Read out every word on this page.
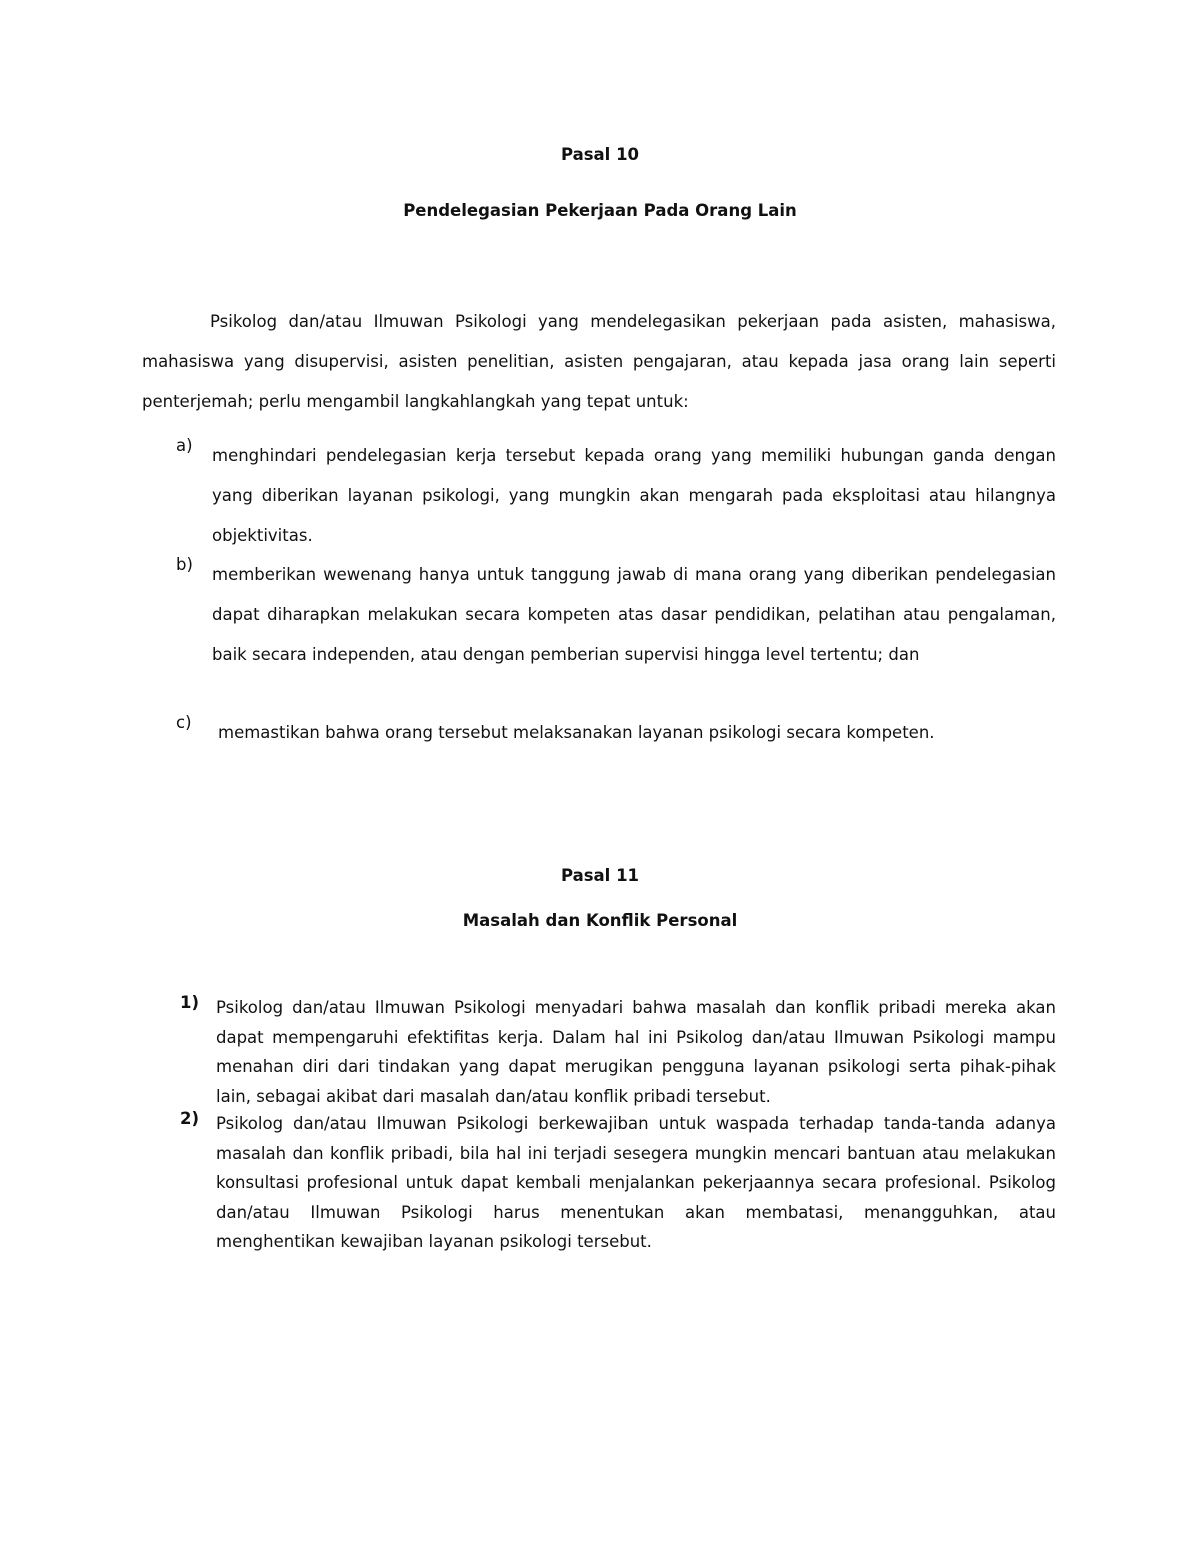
Pasal 10
Pendelegasian Pekerjaan Pada Orang Lain

Psikolog dan/atau Ilmuwan Psikologi yang mendelegasikan pekerjaan pada asisten, mahasiswa, mahasiswa yang disupervisi, asisten penelitian, asisten pengajaran, atau kepada jasa orang lain seperti penterjemah; perlu mengambil langkahlangkah yang tepat untuk:

a)
menghindari pendelegasian kerja tersebut kepada orang yang memiliki hubungan ganda dengan yang diberikan layanan psikologi, yang mungkin akan mengarah pada eksploitasi atau hilangnya objektivitas.
b)
memberikan wewenang hanya untuk tanggung jawab di mana orang yang diberikan pendelegasian dapat diharapkan melakukan secara kompeten atas dasar pendidikan, pelatihan atau pengalaman, baik secara independen, atau dengan pemberian supervisi hingga level tertentu; dan
c)
memastikan bahwa orang tersebut melaksanakan layanan psikologi secara kompeten.
Pasal 11
Masalah dan Konflik Personal
1) Psikolog dan/atau Ilmuwan Psikologi menyadari bahwa masalah dan konflik pribadi mereka akan dapat mempengaruhi efektifitas kerja. Dalam hal ini Psikolog dan/atau Ilmuwan Psikologi mampu menahan diri dari tindakan yang dapat merugikan pengguna layanan psikologi serta pihak-pihak lain, sebagai akibat dari masalah dan/atau konflik pribadi tersebut.
2) Psikolog dan/atau Ilmuwan Psikologi berkewajiban untuk waspada terhadap tanda-tanda adanya masalah dan konflik pribadi, bila hal ini terjadi sesegera mungkin mencari bantuan atau melakukan konsultasi profesional untuk dapat kembali menjalankan pekerjaannya secara profesional. Psikolog dan/atau Ilmuwan Psikologi harus menentukan akan membatasi, menangguhkan, atau menghentikan kewajiban layanan psikologi tersebut.
